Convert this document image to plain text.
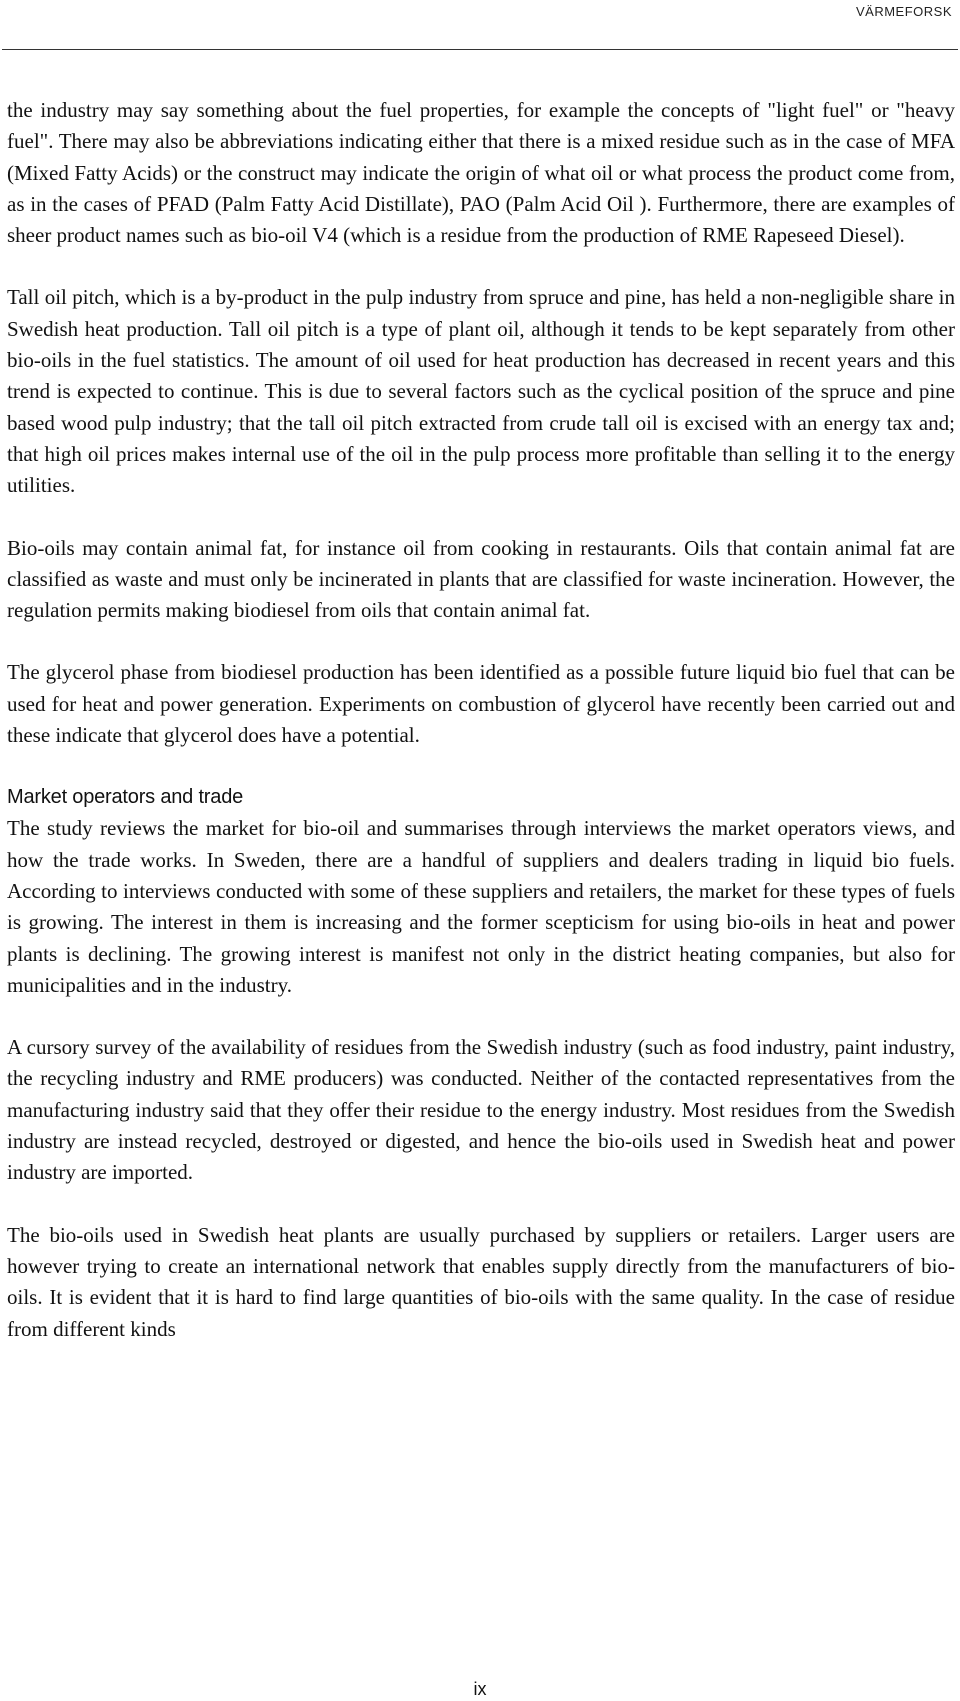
VÄRMEFORSK

the industry may say something about the fuel properties, for example the concepts of "light fuel" or "heavy fuel". There may also be abbreviations indicating either that there is a mixed residue such as in the case of MFA (Mixed Fatty Acids) or the construct may indicate the origin of what oil or what process the product come from, as in the cases of PFAD (Palm Fatty Acid Distillate), PAO (Palm Acid Oil ). Furthermore, there are examples of sheer product names such as bio-oil V4 (which is a residue from the production of RME Rapeseed Diesel).

Tall oil pitch, which is a by-product in the pulp industry from spruce and pine, has held a non-negligible share in Swedish heat production. Tall oil pitch is a type of plant oil, although it tends to be kept separately from other bio-oils in the fuel statistics. The amount of oil used for heat production has decreased in recent years and this trend is expected to continue. This is due to several factors such as the cyclical position of the spruce and pine based wood pulp industry; that the tall oil pitch extracted from crude tall oil is excised with an energy tax and; that high oil prices makes internal use of the oil in the pulp process more profitable than selling it to the energy utilities.

Bio-oils may contain animal fat, for instance oil from cooking in restaurants. Oils that contain animal fat are classified as waste and must only be incinerated in plants that are classified for waste incineration. However, the regulation permits making biodiesel from oils that contain animal fat.

The glycerol phase from biodiesel production has been identified as a possible future liquid bio fuel that can be used for heat and power generation. Experiments on combustion of glycerol have recently been carried out and these indicate that glycerol does have a potential.

Market operators and trade

The study reviews the market for bio-oil and summarises through interviews the market operators views, and how the trade works. In Sweden, there are a handful of suppliers and dealers trading in liquid bio fuels. According to interviews conducted with some of these suppliers and retailers, the market for these types of fuels is growing. The interest in them is increasing and the former scepticism for using bio-oils in heat and power plants is declining. The growing interest is manifest not only in the district heating companies, but also for municipalities and in the industry.

A cursory survey of the availability of residues from the Swedish industry (such as food industry, paint industry, the recycling industry and RME producers) was conducted. Neither of the contacted representatives from the manufacturing industry said that they offer their residue to the energy industry. Most residues from the Swedish industry are instead recycled, destroyed or digested, and hence the bio-oils used in Swedish heat and power industry are imported.

The bio-oils used in Swedish heat plants are usually purchased by suppliers or retailers. Larger users are however trying to create an international network that enables supply directly from the manufacturers of bio-oils. It is evident that it is hard to find large quantities of bio-oils with the same quality. In the case of residue from different kinds

ix
